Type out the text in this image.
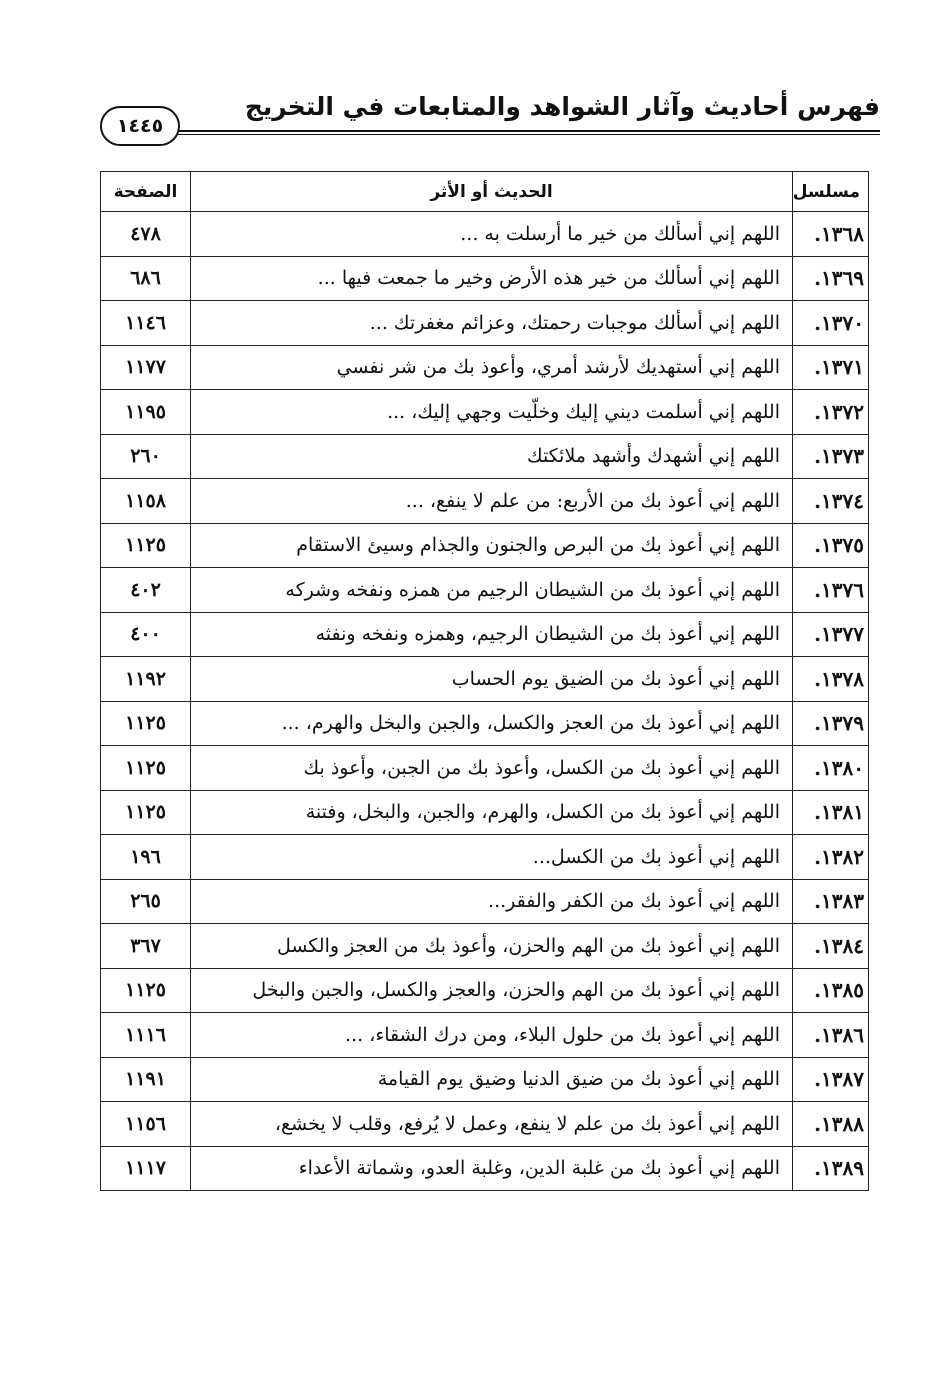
فهرس أحاديث وآثار الشواهد والمتابعات في التخريج
١٤٤٥
مسلسل	الحديث أو الأثر	الصفحة
١٣٦٨.	اللهم إني أسألك من خير ما أرسلت به ...	٤٧٨
١٣٦٩.	اللهم إني أسألك من خير هذه الأرض وخير ما جمعت فيها ...	٦٨٦
١٣٧٠.	اللهم إني أسألك موجبات رحمتك، وعزائم مغفرتك ...	١١٤٦
١٣٧١.	اللهم إني أستهديك لأرشد أمري، وأعوذ بك من شر نفسي	١١٧٧
١٣٧٢.	اللهم إني أسلمت ديني إليك وخلّيت وجهي إليك، ...	١١٩٥
١٣٧٣.	اللهم إني أشهدك وأشهد ملائكتك	٢٦٠
١٣٧٤.	اللهم إني أعوذ بك من الأربع: من علم لا ينفع، ...	١١٥٨
١٣٧٥.	اللهم إني أعوذ بك من البرص والجنون والجذام وسيئ الاستقام	١١٢٥
١٣٧٦.	اللهم إني أعوذ بك من الشيطان الرجيم من همزه ونفخه وشركه	٤٠٢
١٣٧٧.	اللهم إني أعوذ بك من الشيطان الرجيم، وهمزه ونفخه ونفثه	٤٠٠
١٣٧٨.	اللهم إني أعوذ بك من الضيق يوم الحساب	١١٩٢
١٣٧٩.	اللهم إني أعوذ بك من العجز والكسل، والجبن والبخل والهرم، ...	١١٢٥
١٣٨٠.	اللهم إني أعوذ بك من الكسل، وأعوذ بك من الجبن، وأعوذ بك	١١٢٥
١٣٨١.	اللهم إني أعوذ بك من الكسل، والهرم، والجبن، والبخل، وفتنة	١١٢٥
١٣٨٢.	اللهم إني أعوذ بك من الكسل...	١٩٦
١٣٨٣.	اللهم إني أعوذ بك من الكفر والفقر...	٢٦٥
١٣٨٤.	اللهم إني أعوذ بك من الهم والحزن، وأعوذ بك من العجز والكسل	٣٦٧
١٣٨٥.	اللهم إني أعوذ بك من الهم والحزن، والعجز والكسل، والجبن والبخل	١١٢٥
١٣٨٦.	اللهم إني أعوذ بك من حلول البلاء، ومن درك الشقاء، ...	١١١٦
١٣٨٧.	اللهم إني أعوذ بك من ضيق الدنيا وضيق يوم القيامة	١١٩١
١٣٨٨.	اللهم إني أعوذ بك من علم لا ينفع، وعمل لا يُرفع، وقلب لا يخشع،	١١٥٦
١٣٨٩.	اللهم إني أعوذ بك من غلبة الدين، وغلبة العدو، وشماتة الأعداء	١١١٧
